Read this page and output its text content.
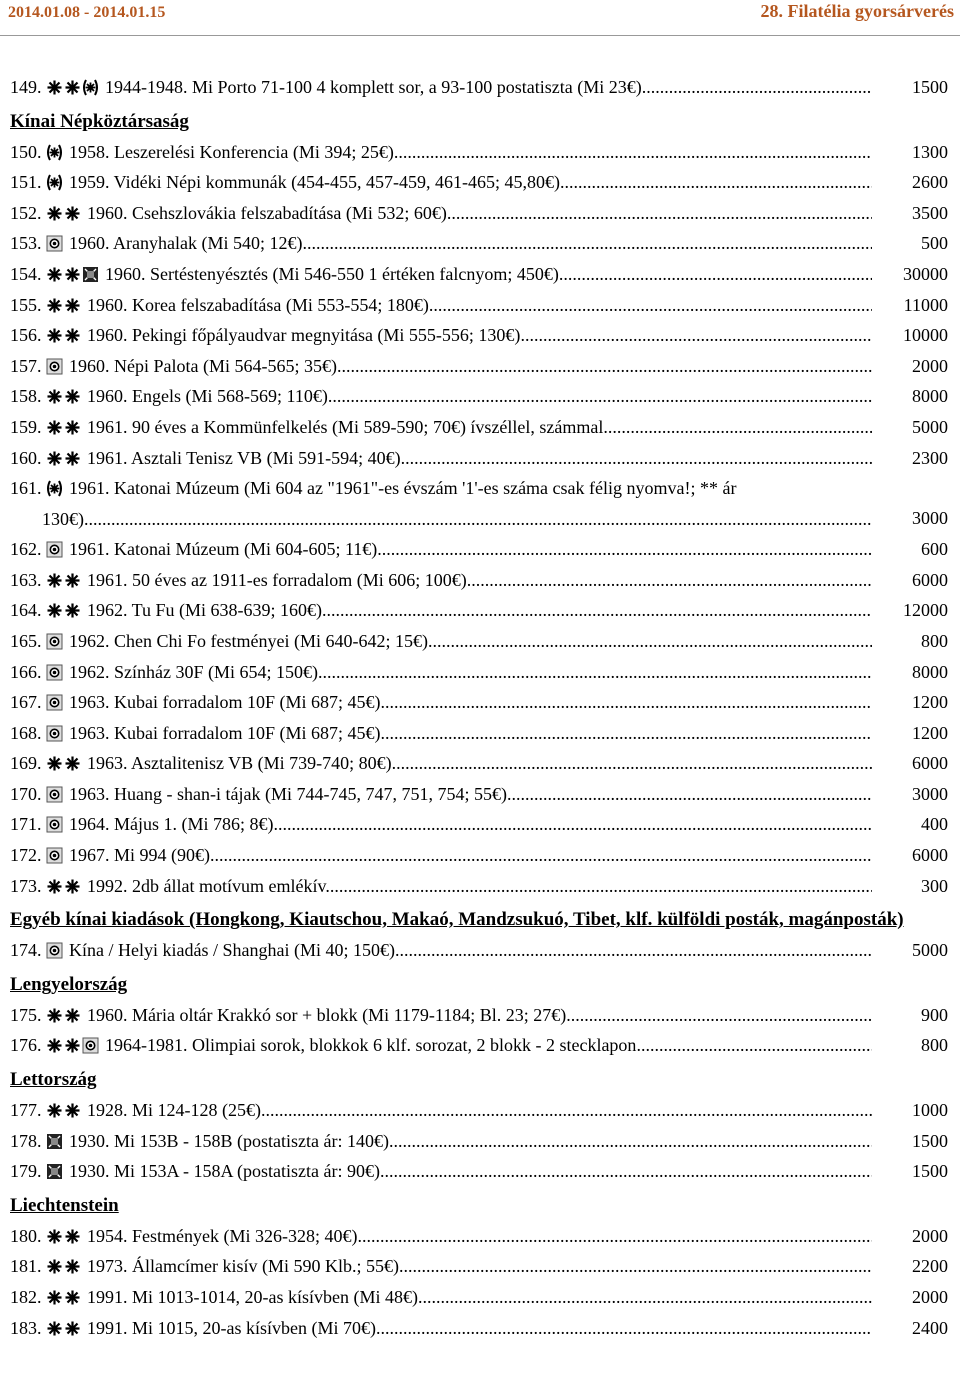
2014.01.08 - 2014.01.15	28. Filatélia gyorsárverés
149.	1944-1948. Mi Porto 71-100 4 komplett sor, a 93-100 postatiszta (Mi 23€) .....	1500
Kínai Népköztársaság
150.	1958. Leszerelési Konferencia (Mi 394; 25€) .....	1300
151.	1959. Vidéki Népi kommunák (454-455, 457-459, 461-465; 45,80€) .....	2600
152.	1960. Csehszlovákia felszabadítása (Mi 532; 60€) .....	3500
153.	1960. Aranyhalak (Mi 540; 12€) .....	500
154.	1960. Sertéstenyésztés (Mi 546-550 1 értéken falcnyom; 450€) .....	30000
155.	1960. Korea felszabadítása (Mi 553-554; 180€) .....	11000
156.	1960. Pekingi főpályaudvar megnyitása (Mi 555-556; 130€) .....	10000
157.	1960. Népi Palota (Mi 564-565; 35€) .....	2000
158.	1960. Engels (Mi 568-569; 110€) .....	8000
159.	1961. 90 éves a Kommünfelkelés (Mi 589-590; 70€) ívszéllel, számmal .....	5000
160.	1961. Asztali Tenisz VB (Mi 591-594; 40€) .....	2300
161.	1961. Katonai Múzeum (Mi 604 az "1961"-es évszám '1'-es száma csak félig nyomva!; ** ár
130€) .....	3000
162.	1961. Katonai Múzeum (Mi 604-605; 11€) .....	600
163.	1961. 50 éves az 1911-es forradalom (Mi 606; 100€) .....	6000
164.	1962. Tu Fu (Mi 638-639; 160€) .....	12000
165.	1962. Chen Chi Fo festményei (Mi 640-642; 15€) .....	800
166.	1962. Színház 30F (Mi 654; 150€) .....	8000
167.	1963. Kubai forradalom 10F (Mi 687; 45€) .....	1200
168.	1963. Kubai forradalom 10F (Mi 687; 45€) .....	1200
169.	1963. Asztalitenisz VB (Mi 739-740; 80€) .....	6000
170.	1963. Huang - shan-i tájak (Mi 744-745, 747, 751, 754; 55€) .....	3000
171.	1964. Május 1. (Mi 786; 8€) .....	400
172.	1967. Mi 994 (90€) .....	6000
173.	1992. 2db állat motívum emlékív .....	300
Egyéb kínai kiadások (Hongkong, Kiautschou, Makaó, Mandzsukuó, Tibet, klf. külföldi posták, magánposták)
174.	Kína / Helyi kiadás / Shanghai (Mi 40; 150€) .....	5000
Lengyelország
175.	1960. Mária oltár Krakkó sor + blokk (Mi 1179-1184; Bl. 23; 27€) .....	900
176.	1964-1981. Olimpiai sorok, blokkok 6 klf. sorozat, 2 blokk - 2 stecklapon .....	800
Lettország
177.	1928. Mi 124-128 (25€) .....	1000
178.	1930. Mi 153B - 158B (postatiszta ár: 140€) .....	1500
179.	1930. Mi 153A - 158A (postatiszta ár: 90€) .....	1500
Liechtenstein
180.	1954. Festmények (Mi 326-328; 40€) .....	2000
181.	1973. Államcímer kisív (Mi 590 Klb.; 55€) .....	2200
182.	1991. Mi 1013-1014, 20-as kísívben (Mi 48€) .....	2000
183.	1991. Mi 1015, 20-as kísívben (Mi 70€) .....	2400
